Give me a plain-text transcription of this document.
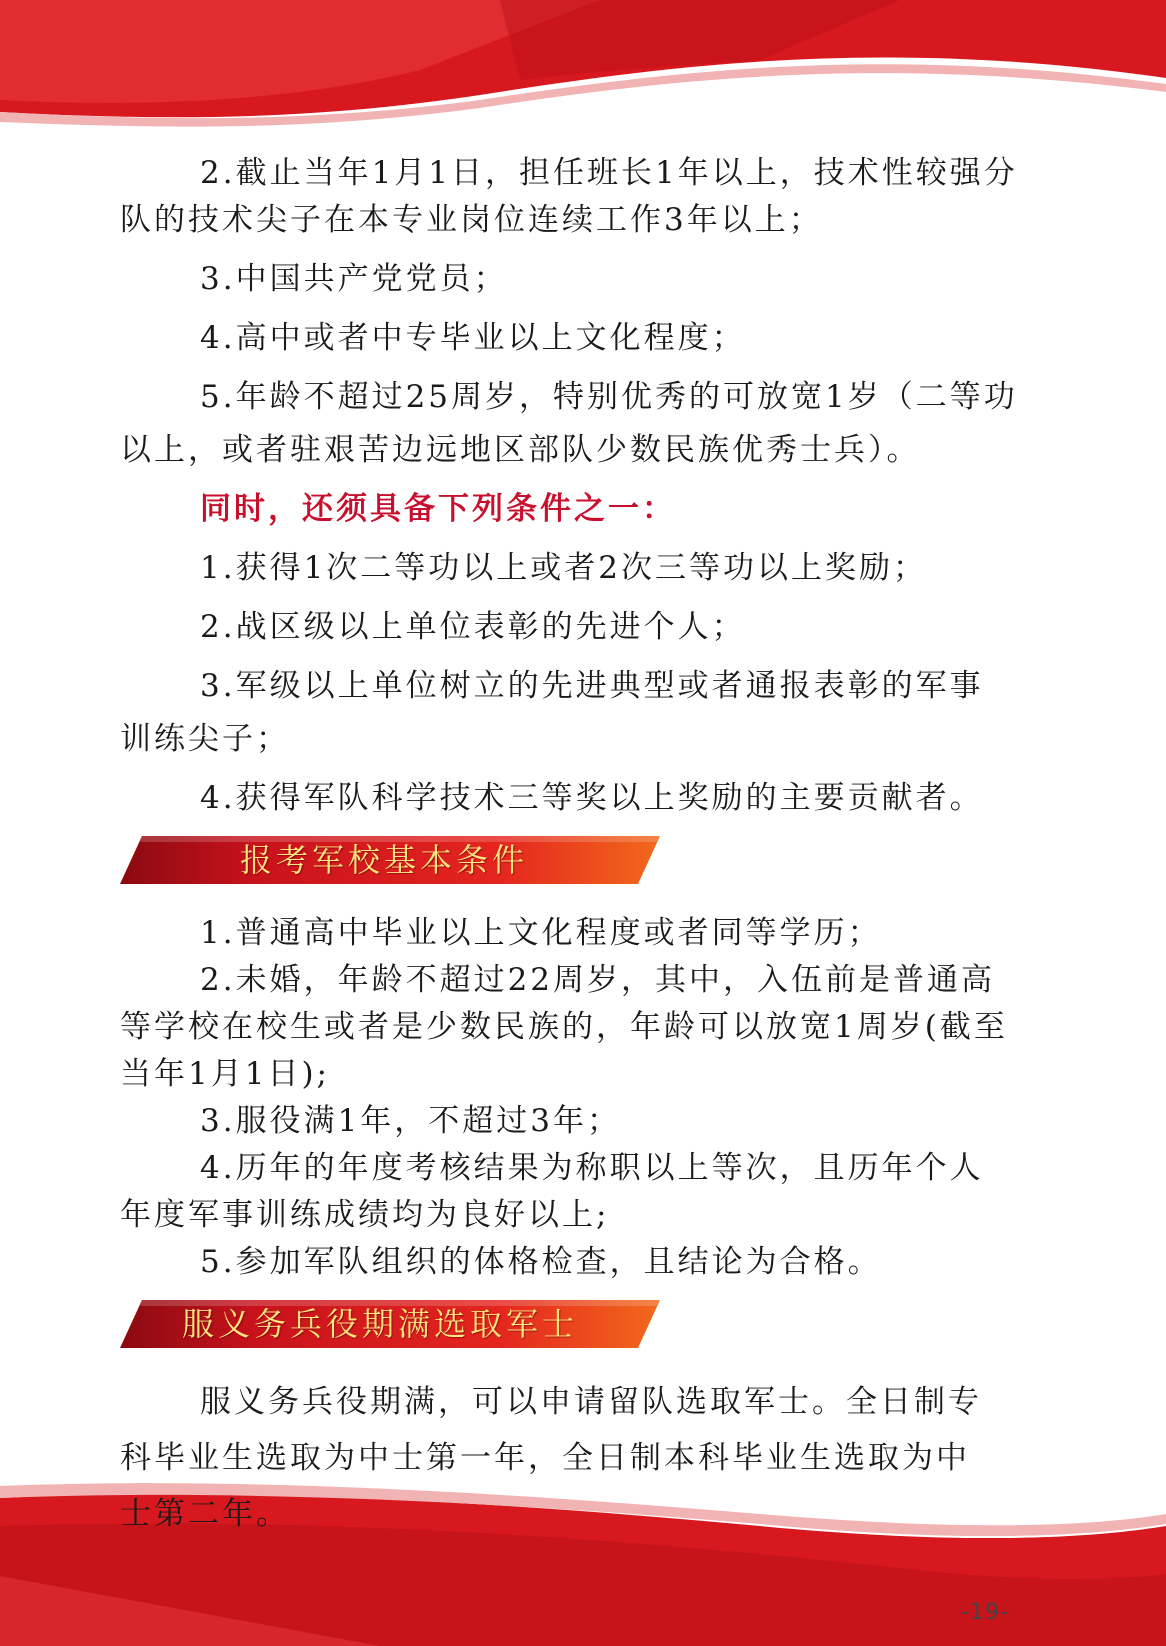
2.截止当年1月1日，担任班长1年以上，技术性较强分

队的技术尖子在本专业岗位连续工作3年以上；

3.中国共产党党员；

4.高中或者中专毕业以上文化程度；

5.年龄不超过25周岁，特别优秀的可放宽1岁（二等功

以上，或者驻艰苦边远地区部队少数民族优秀士兵）。

同时，还须具备下列条件之一：

1.获得1次二等功以上或者2次三等功以上奖励；

2.战区级以上单位表彰的先进个人；

3.军级以上单位树立的先进典型或者通报表彰的军事

训练尖子；

4.获得军队科学技术三等奖以上奖励的主要贡献者。

报考军校基本条件

1.普通高中毕业以上文化程度或者同等学历；

2.未婚，年龄不超过22周岁，其中，入伍前是普通高

等学校在校生或者是少数民族的，年龄可以放宽1周岁(截至

当年1月1日);

3.服役满1年，不超过3年；

4.历年的年度考核结果为称职以上等次，且历年个人

年度军事训练成绩均为良好以上;

5.参加军队组织的体格检查，且结论为合格。

服义务兵役期满选取军士

服义务兵役期满，可以申请留队选取军士。全日制专

科毕业生选取为中士第一年，全日制本科毕业生选取为中

士第二年。

-19-
